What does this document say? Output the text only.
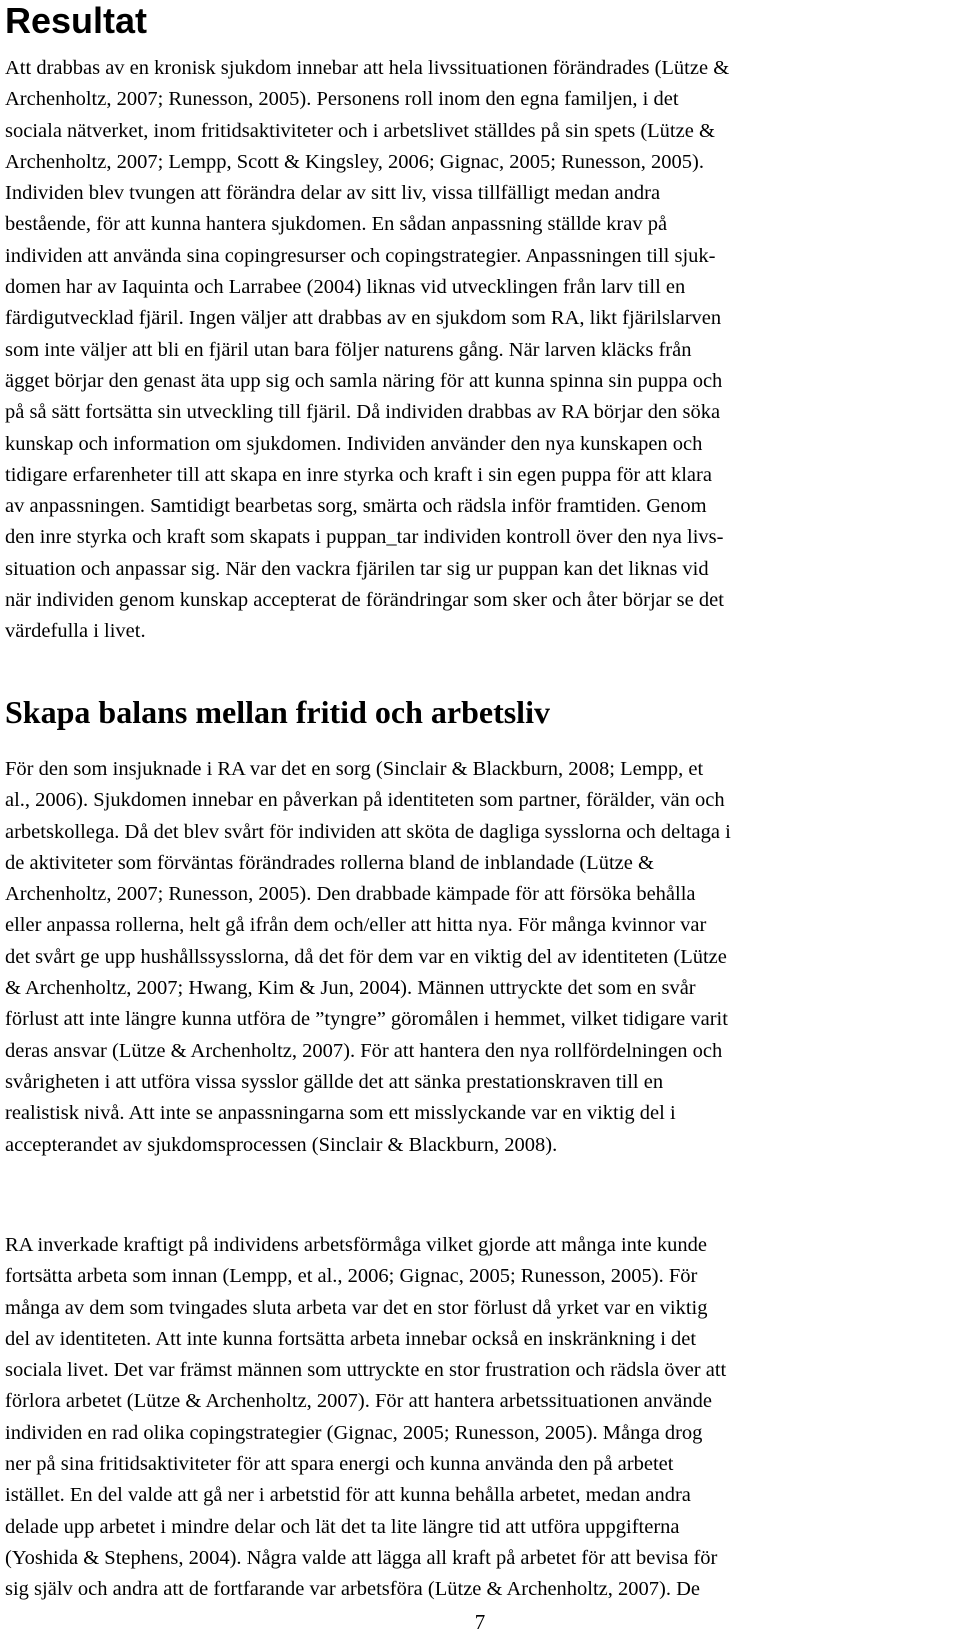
Resultat
Att drabbas av en kronisk sjukdom innebar att hela livssituationen förändrades (Lütze &
Archenholtz, 2007; Runesson, 2005). Personens roll inom den egna familjen, i det
sociala nätverket, inom fritidsaktiviteter och i arbetslivet ställdes på sin spets (Lütze &
Archenholtz, 2007; Lempp, Scott & Kingsley, 2006; Gignac, 2005; Runesson, 2005).
Individen blev tvungen att förändra delar av sitt liv, vissa tillfälligt medan andra
bestående, för att kunna hantera sjukdomen. En sådan anpassning ställde krav på
individen att använda sina copingresurser och copingstrategier. Anpassningen till sjuk-
domen har av Iaquinta och Larrabee (2004) liknas vid utvecklingen från larv till en
färdigutvecklad fjäril. Ingen väljer att drabbas av en sjukdom som RA, likt fjärilslarven
som inte väljer att bli en fjäril utan bara följer naturens gång. När larven kläcks från
ägget börjar den genast äta upp sig och samla näring för att kunna spinna sin puppa och
på så sätt fortsätta sin utveckling till fjäril. Då individen drabbas av RA börjar den söka
kunskap och information om sjukdomen. Individen använder den nya kunskapen och
tidigare erfarenheter till att skapa en inre styrka och kraft i sin egen puppa för att klara
av anpassningen. Samtidigt bearbetas sorg, smärta och rädsla inför framtiden. Genom
den inre styrka och kraft som skapats i puppan_tar individen kontroll över den nya livs-
situation och anpassar sig. När den vackra fjärilen tar sig ur puppan kan det liknas vid
när individen genom kunskap accepterat de förändringar som sker och åter börjar se det
värdefulla i livet.
Skapa balans mellan fritid och arbetsliv
För den som insjuknade i RA var det en sorg (Sinclair & Blackburn, 2008; Lempp, et
al., 2006). Sjukdomen innebar en påverkan på identiteten som partner, förälder, vän och
arbetskollega. Då det blev svårt för individen att sköta de dagliga sysslorna och deltaga i
de aktiviteter som förväntas förändrades rollerna bland de inblandade (Lütze &
Archenholtz, 2007; Runesson, 2005). Den drabbade kämpade för att försöka behålla
eller anpassa rollerna, helt gå ifrån dem och/eller att hitta nya. För många kvinnor var
det svårt ge upp hushållssysslorna, då det för dem var en viktig del av identiteten (Lütze
& Archenholtz, 2007; Hwang, Kim & Jun, 2004). Männen uttryckte det som en svår
förlust att inte längre kunna utföra de ”tyngre” göromålen i hemmet, vilket tidigare varit
deras ansvar (Lütze & Archenholtz, 2007). För att hantera den nya rollfördelningen och
svårigheten i att utföra vissa sysslor gällde det att sänka prestationskraven till en
realistisk nivå. Att inte se anpassningarna som ett misslyckande var en viktig del i
accepterandet av sjukdomsprocessen (Sinclair & Blackburn, 2008).
RA inverkade kraftigt på individens arbetsförmåga vilket gjorde att många inte kunde
fortsätta arbeta som innan (Lempp, et al., 2006; Gignac, 2005; Runesson, 2005). För
många av dem som tvingades sluta arbeta var det en stor förlust då yrket var en viktig
del av identiteten. Att inte kunna fortsätta arbeta innebar också en inskränkning i det
sociala livet. Det var främst männen som uttryckte en stor frustration och rädsla över att
förlora arbetet (Lütze & Archenholtz, 2007). För att hantera arbetssituationen använde
individen en rad olika copingstrategier (Gignac, 2005; Runesson, 2005). Många drog
ner på sina fritidsaktiviteter för att spara energi och kunna använda den på arbetet
istället. En del valde att gå ner i arbetstid för att kunna behålla arbetet, medan andra
delade upp arbetet i mindre delar och lät det ta lite längre tid att utföra uppgifterna
(Yoshida & Stephens, 2004). Några valde att lägga all kraft på arbetet för att bevisa för
sig själv och andra att de fortfarande var arbetsföra (Lütze & Archenholtz, 2007). De
7
